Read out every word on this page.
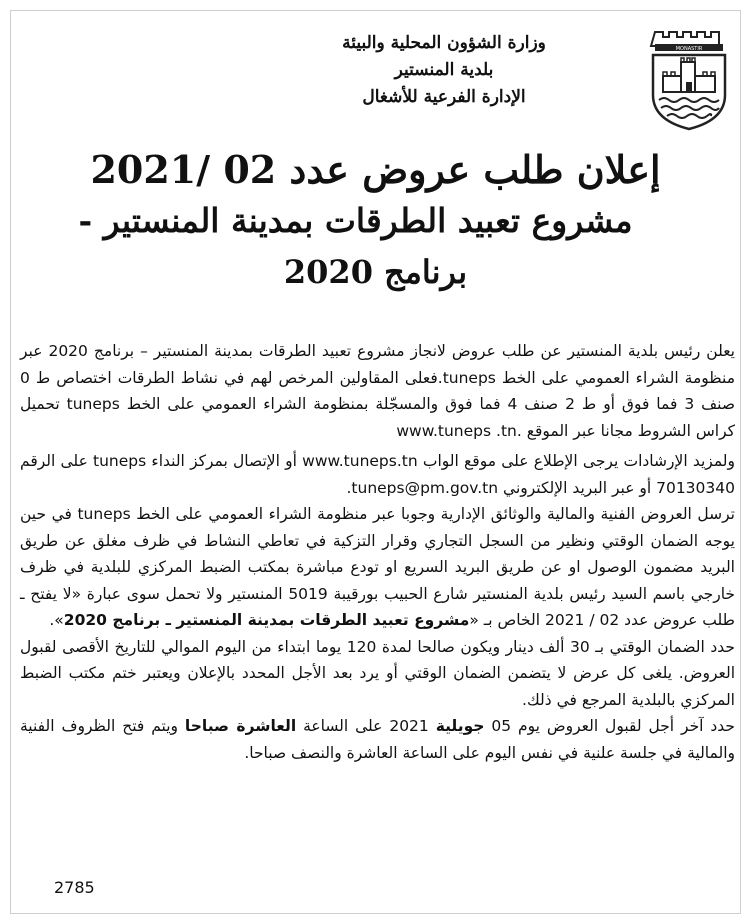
وزارة الشؤون المحلية والبيئة
بلدية المنستير
الإدارة الفرعية للأشغال
MONASTIR
إعلان طلب عروض عدد 02 /2021
مشروع تعبيد الطرقات بمدينة المنستير -
برنامج 2020

يعلن رئيس بلدية المنستير عن طلب عروض لانجاز مشروع تعبيد الطرقات بمدينة المنستير – برنامج 2020 عبر منظومة الشراء العمومي على الخط tuneps.فعلى المقاولين المرخص لهم في نشاط الطرقات اختصاص ط 0 صنف 3 فما فوق أو ط 2 صنف 4 فما فوق والمسجّلة بمنظومة الشراء العمومي على الخط tuneps تحميل كراس الشروط مجانا عبر الموقع .www.tuneps .tn

ولمزيد الإرشادات يرجى الإطلاع على موقع الواب www.tuneps.tn أو الإتصال بمركز النداء tuneps على الرقم 70130340 أو عبر البريد الإلكتروني tuneps@pm.gov.tn.

ترسل العروض الفنية والمالية والوثائق الإدارية وجوبا عبر منظومة الشراء العمومي على الخط tuneps في حين يوجه الضمان الوقتي ونظير من السجل التجاري وقرار التزكية في تعاطي النشاط في ظرف مغلق عن طريق البريد مضمون الوصول او عن طريق البريد السريع او تودع مباشرة بمكتب الضبط المركزي للبلدية في ظرف خارجي باسم السيد رئيس بلدية المنستير شارع الحبيب بورقيبة 5019 المنستير ولا تحمل سوى عبارة «لا يفتح ـ طلب عروض عدد 02 / 2021 الخاص بـ «مشروع تعبيد الطرقات بمدينة المنستير ـ برنامج 2020».

حدد الضمان الوقتي بـ 30 ألف دينار ويكون صالحا لمدة 120 يوما ابتداء من اليوم الموالي للتاريخ الأقصى لقبول العروض. يلغى كل عرض لا يتضمن الضمان الوقتي أو يرد بعد الأجل المحدد بالإعلان ويعتبر ختم مكتب الضبط المركزي بالبلدية المرجع في ذلك.

حدد آخر أجل لقبول العروض يوم 05 جويلية 2021 على الساعة العاشرة صباحا ويتم فتح الظروف الفنية والمالية في جلسة علنية في نفس اليوم على الساعة العاشرة والنصف صباحا.

2785
